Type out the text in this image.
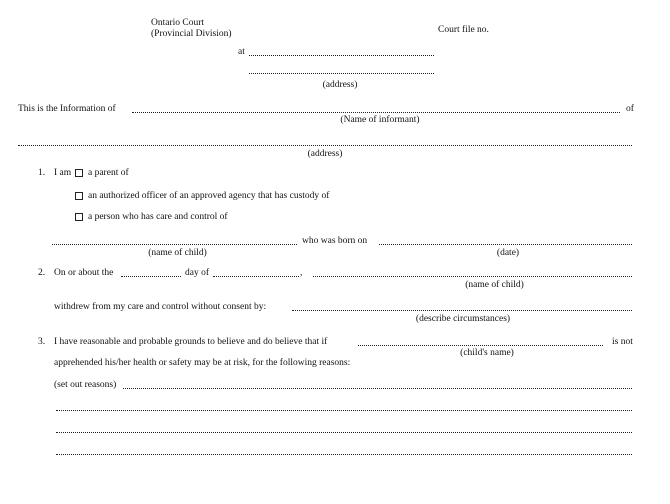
Ontario Court
(Provincial Division)	Court file no.
at
(address)
This is the Information of	of
(Name of informant)
(address)
1. I am a parent of
an authorized officer of an approved agency that has custody of
a person who has care and control of
who was born on
(name of child)	(date)
2. On or about the	day of	,
(name of child)
withdrew from my care and control without consent by:
(describe circumstances)
3. I have reasonable and probable grounds to believe and do believe that if	is not
(child's name)
apprehended his/her health or safety may be at risk, for the following reasons:
(set out reasons)
